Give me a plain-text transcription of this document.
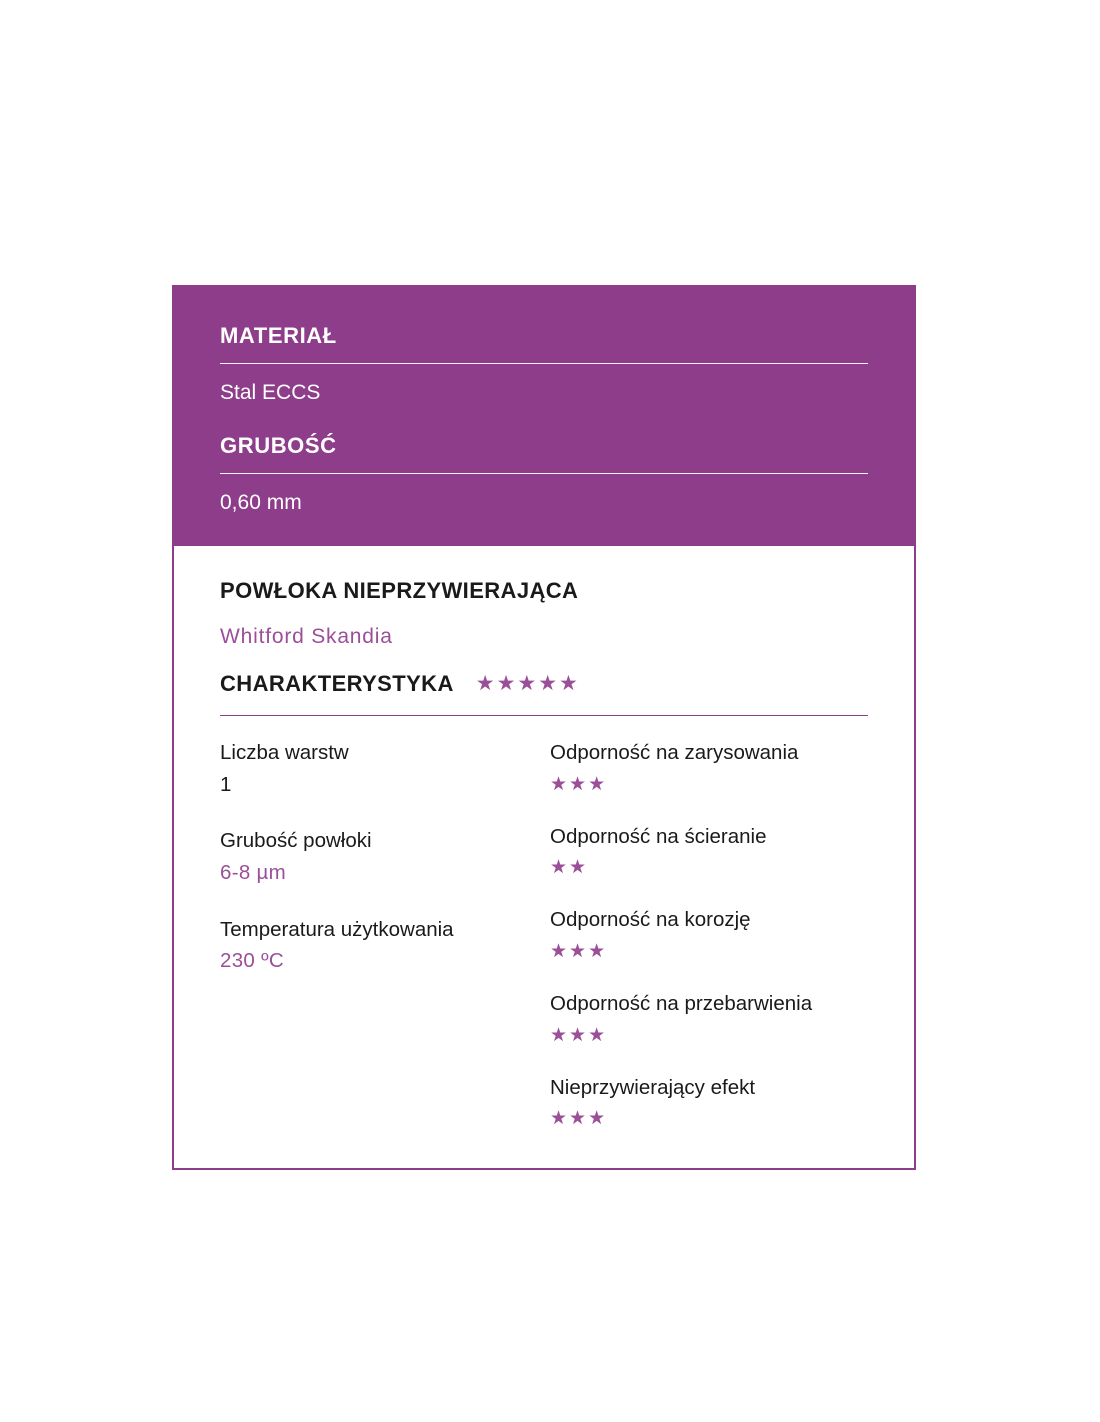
MATERIAŁ
Stal ECCS
GRUBOŚĆ
0,60 mm
POWŁOKA NIEPRZYWIERAJĄCA
Whitford Skandia
CHARAKTERYSTYKA ★★★★★
Liczba warstw
1
Grubość powłoki
6-8 µm
Temperatura użytkowania
230 ºC
Odporność na zarysowania
★★★
Odporność na ścieranie
★★
Odporność na korozję
★★★
Odporność na przebarwienia
★★★
Nieprzywierający efekt
★★★
